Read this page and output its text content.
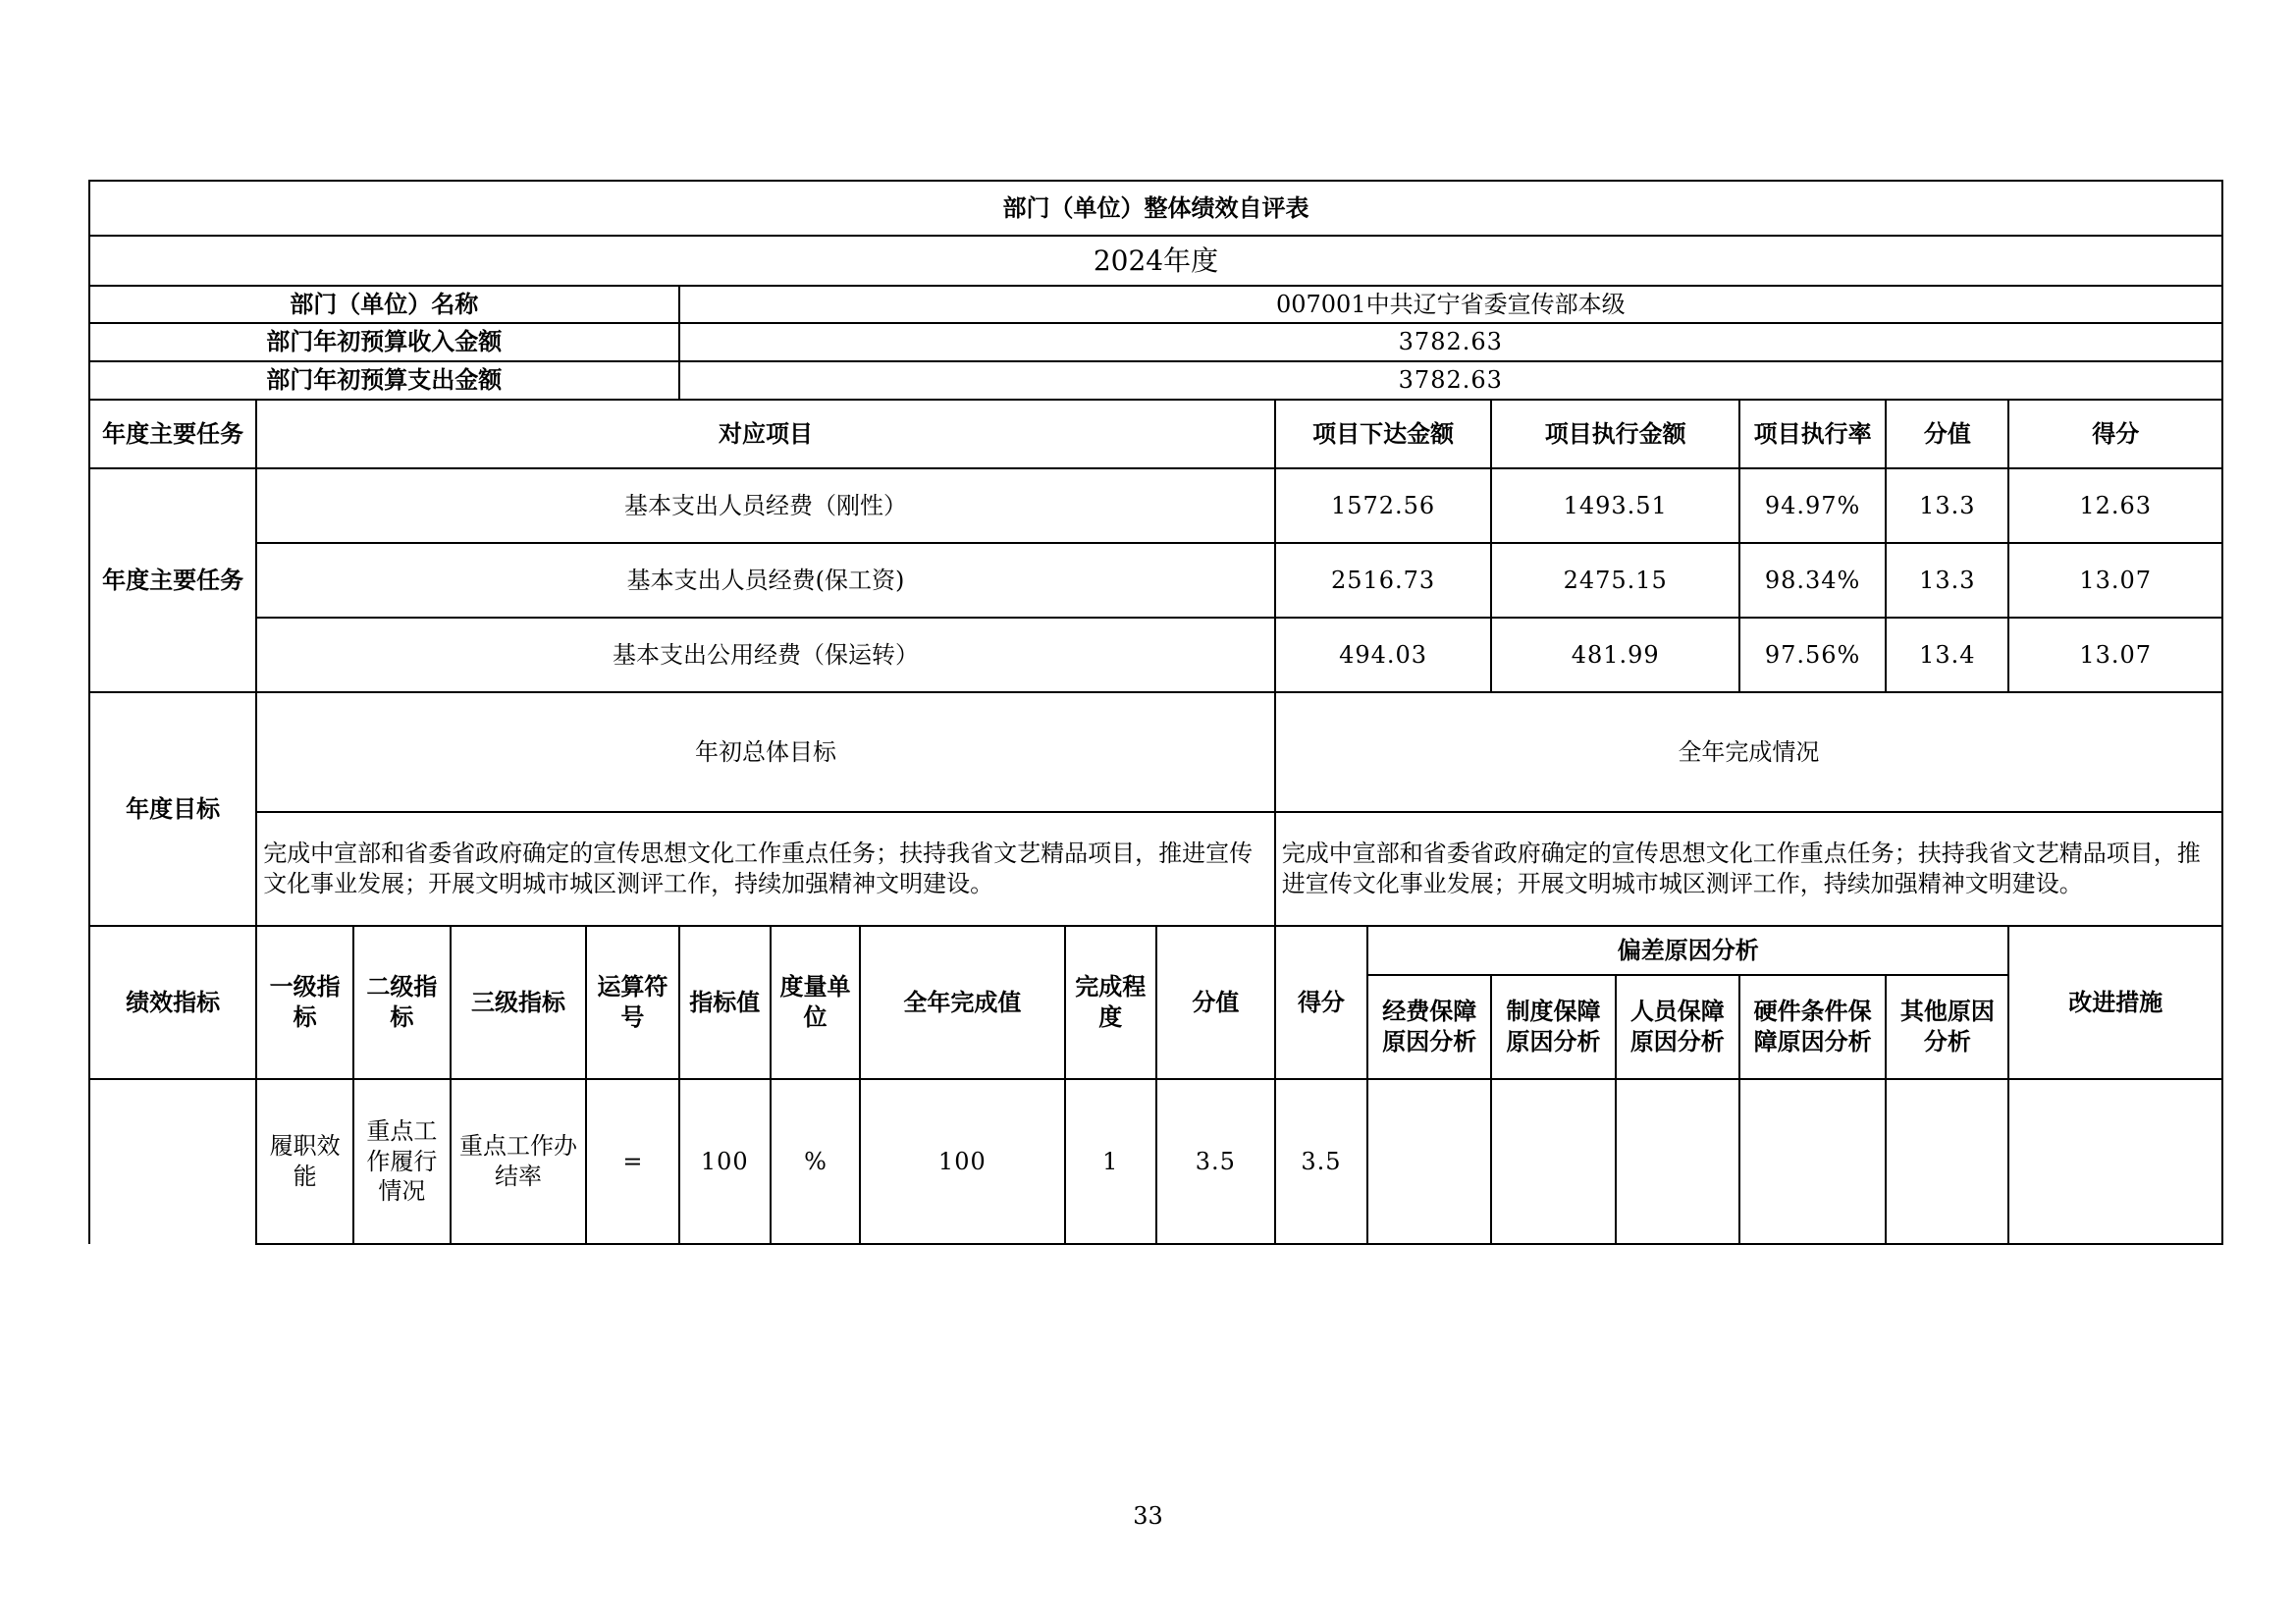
部门（单位）整体绩效自评表																
2024年度																
部门（单位）名称					007001中共辽宁省委宣传部本级											
部门年初预算收入金额					3782.63											
部门年初预算支出金额					3782.63											
年度主要任务	对应项目									项目下达金额		项目执行金额		项目执行率	分值	得分
年度主要任务	基本支出人员经费（刚性）									1572.56		1493.51		94.97%	13.3	12.63
	基本支出人员经费(保工资)									2516.73		2475.15		98.34%	13.3	13.07
	基本支出公用经费（保运转）									494.03		481.99		97.56%	13.4	13.07
年度目标	年初总体目标									全年完成情况						
	完成中宣部和省委省政府确定的宣传思想文化工作重点任务；扶持我省文艺精品项目，推进宣传文化事业发展；开展文明城市城区测评工作，持续加强精神文明建设。									完成中宣部和省委省政府确定的宣传思想文化工作重点任务；扶持我省文艺精品项目，推进宣传文化事业发展；开展文明城市城区测评工作，持续加强精神文明建设。						
绩效指标	一级指标	二级指标	三级指标	运算符号	指标值	度量单位	全年完成值	完成程度	分值	得分	偏差原因分析					改进措施
											经费保障原因分析	制度保障原因分析	人员保障原因分析	硬件条件保障原因分析	其他原因分析	
	履职效能	重点工作履行情况	重点工作办结率	=	100	%	100	1	3.5	3.5						
33
